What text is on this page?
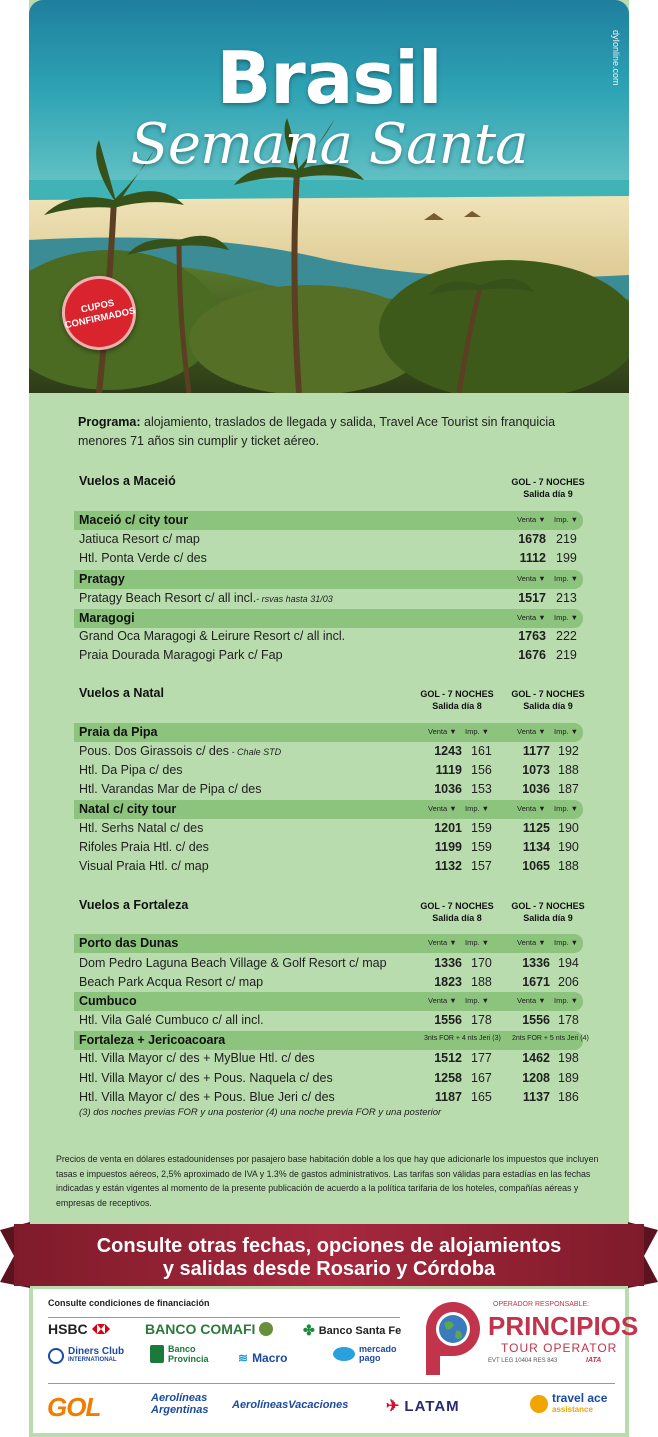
Brasil
Semana Santa
dyIonline.com
CUPOS CONFIRMADOS
Programa: alojamiento, traslados de llegada y salida, Travel Ace Tourist sin franquicia menores 71 años sin cumplir y ticket aéreo.
Vuelos a Maceió	GOL - 7 NOCHES
Salida día 9
Maceió c/ city tour	Venta ▼ Imp. ▼
Jatiuca Resort c/ map	1678 219
Htl. Ponta Verde c/ des	1112 199
Pratagy	Venta ▼ Imp. ▼
Pratagy Beach Resort c/ all incl.- rsvas hasta 31/03	1517 213
Maragogi	Venta ▼ Imp. ▼
Grand Oca Maragogi & Leirure Resort c/ all incl.	1763 222
Praia Dourada Maragogi Park c/ Fap	1676 219
Vuelos a Natal	GOL - 7 NOCHES
Salida día 8
GOL - 7 NOCHES
Salida día 9
Praia da Pipa	Venta ▼ Imp. ▼	Venta ▼ Imp. ▼
Pous. Dos Girassois c/ des - Chale STD	1243 161	1177 192
Htl. Da Pipa c/ des	1119 156	1073 188
Htl. Varandas Mar de Pipa c/ des	1036 153	1036 187
Natal c/ city tour	Venta ▼ Imp. ▼	Venta ▼ Imp. ▼
Htl. Serhs Natal c/ des	1201 159	1125 190
Rifoles Praia Htl. c/ des	1199 159	1134 190
Visual Praia Htl. c/ map	1132 157	1065 188
Vuelos a Fortaleza	GOL - 7 NOCHES
Salida día 8
GOL - 7 NOCHES
Salida día 9
Porto das Dunas	Venta ▼ Imp. ▼	Venta ▼ Imp. ▼
Dom Pedro Laguna Beach Village & Golf Resort c/ map	1336 170	1336 194
Beach Park Acqua Resort c/ map	1823 188	1671 206
Cumbuco	Venta ▼ Imp. ▼	Venta ▼ Imp. ▼
Htl. Vila Galé Cumbuco c/ all incl.	1556 178	1556 178
Fortaleza + Jericoacoara	3nts FOR + 4 nts Jeri (3) 2nts FOR + 5 nts Jeri (4)
Htl. Villa Mayor c/ des + MyBlue Htl. c/ des	1512 177	1462 198
Htl. Villa Mayor c/ des + Pous. Naquela c/ des	1258 167	1208 189
Htl. Villa Mayor c/ des + Pous. Blue Jeri c/ des	1187 165	1137 186
(3) dos noches previas FOR y una posterior (4) una noche previa FOR y una posterior
Precios de venta en dólares estadounidenses por pasajero base habitación doble a los que hay que adicionarle los impuestos que incluyen tasas e impuestos aéreos, 2,5% aproximado de IVA y 1.3% de gastos administrativos. Las tarifas son válidas para estadías en las fechas indicadas y están vigentes al momento de la presente publicación de acuerdo a la política tarifaria de los hoteles, compañías aéreas y empresas de receptivos.
Consulte otras fechas, opciones de alojamientos
y salidas desde Rosario y Córdoba
Consulte condiciones de financiación
HSBC	BANCO COMAFI	✤ Banco Santa Fe
Diners Club
INTERNATIONAL
Banco
Provincia ≋ Macro
mercado
pago
GOL	Aerolíneas
Argentinas AerolíneasVacaciones ✈ LATAM	travel ace
assistance
OPERADOR RESPONSABLE:
PRINCIPIOS
TOUR OPERATOR
EVT LEG 10404 RES 843	IATA
